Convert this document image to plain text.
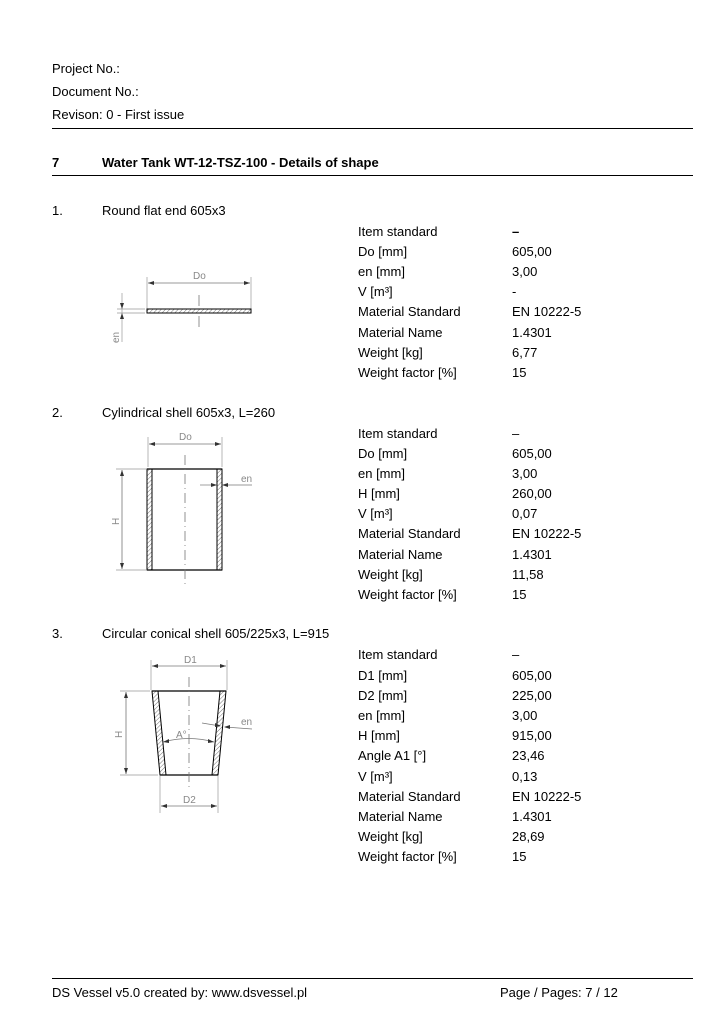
Project No.:
Document No.:
Revison: 0 - First issue
7	Water Tank WT-12-TSZ-100 - Details of shape
1.	Round flat end 605x3
Do
en
Item standard	–
Do [mm]	605,00
en [mm]	3,00
V [m³]	-
Material Standard	EN 10222-5
Material Name	1.4301
Weight [kg]	6,77
Weight factor [%]	15
2.	Cylindrical shell 605x3, L=260
Do
en
H
Item standard	–
Do [mm]	605,00
en [mm]	3,00
H [mm]	260,00
V [m³]	0,07
Material Standard	EN 10222-5
Material Name	1.4301
Weight [kg]	11,58
Weight factor [%]	15
3.	Circular conical shell 605/225x3, L=915
D1
en
A°
H
D2
Item standard	–
D1 [mm]	605,00
D2 [mm]	225,00
en [mm]	3,00
H [mm]	915,00
Angle A1 [°]	23,46
V [m³]	0,13
Material Standard	EN 10222-5
Material Name	1.4301
Weight [kg]	28,69
Weight factor [%]	15
DS Vessel v5.0 created by: www.dsvessel.pl	Page / Pages: 7 / 12
